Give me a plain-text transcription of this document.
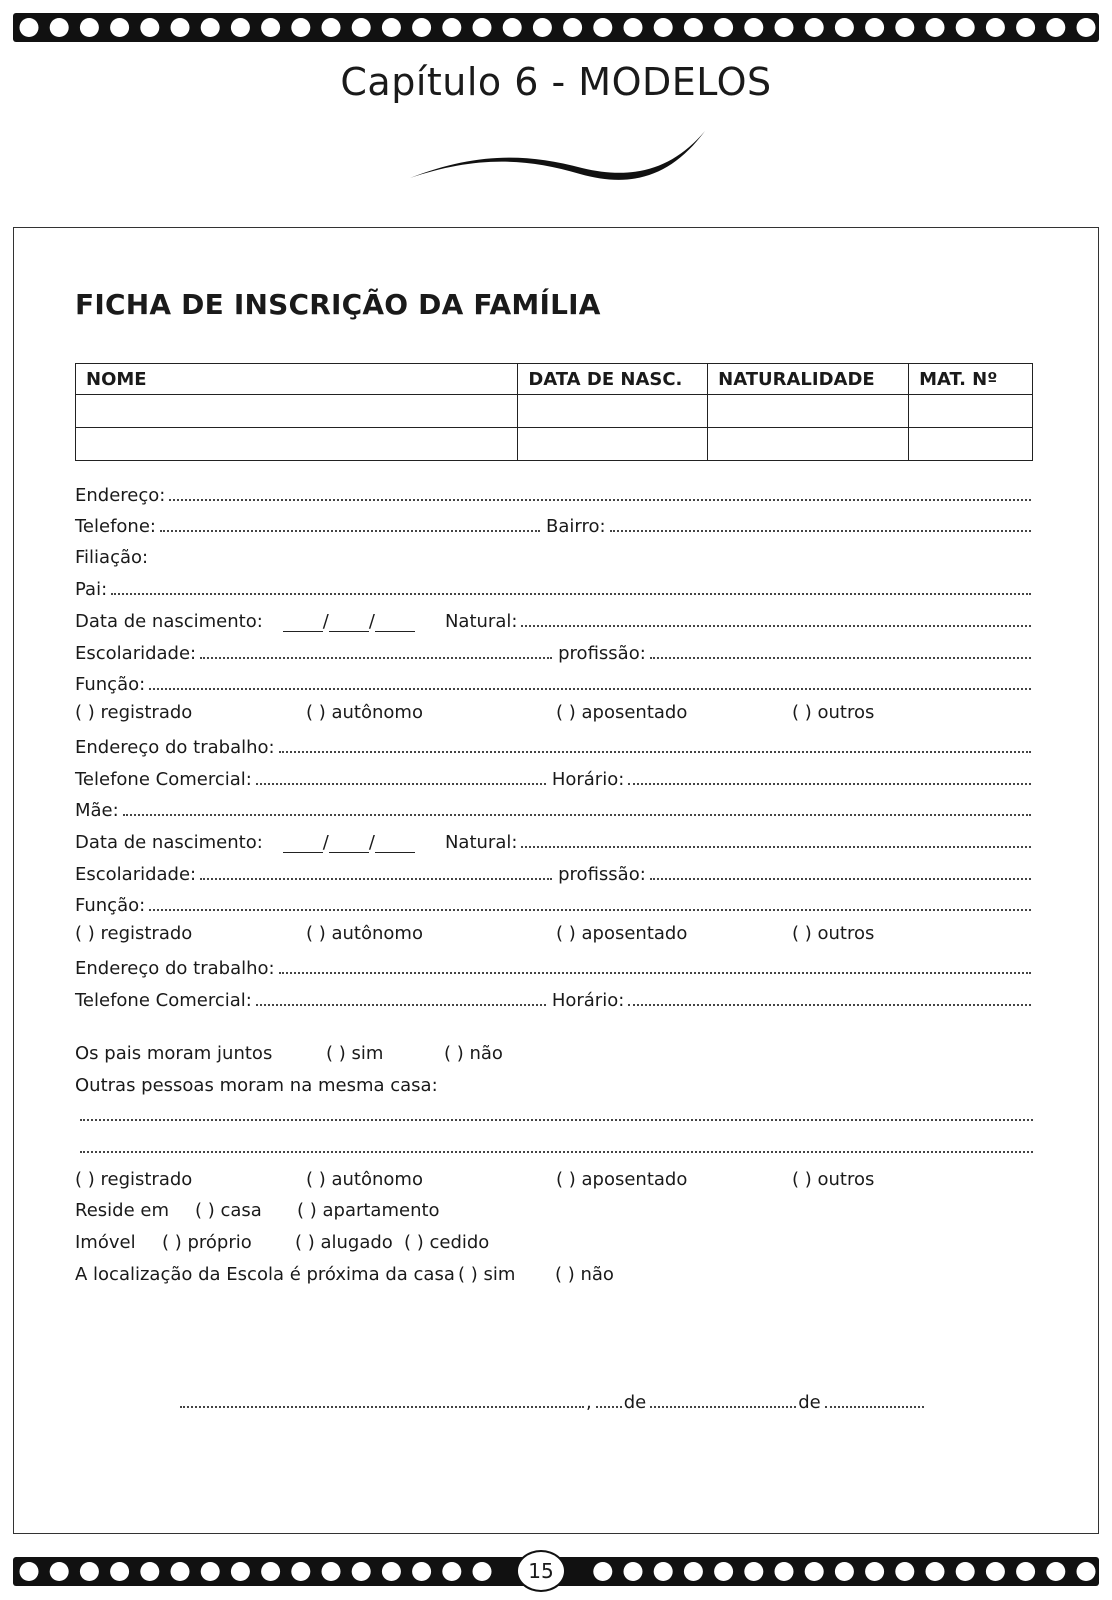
15
Capítulo 6 - MODELOS
FICHA DE INSCRIÇÃO DA FAMÍLIA
NOME	DATA DE NASC.	NATURALIDADE	MAT. Nº

Endereço:
Telefone:	Bairro:
Filiação:
Pai:
Data de nascimento:	/ /	Natural:
Escolaridade:	profissão:
Função:
( ) registrado	( ) autônomo	( ) aposentado	( ) outros
Endereço do trabalho:
Telefone Comercial:	Horário:
Mãe:
Data de nascimento:	/ /	Natural:
Escolaridade:	profissão:
Função:
( ) registrado	( ) autônomo	( ) aposentado	( ) outros
Endereço do trabalho:
Telefone Comercial:	Horário:
Os pais moram juntos	( ) sim	( ) não
Outras pessoas moram na mesma casa:
( ) registrado	( ) autônomo	( ) aposentado	( ) outros
Reside em ( ) casa ( ) apartamento
Imóvel ( ) próprio ( ) alugado ( ) cedido
A localização da Escola é próxima da casa ( ) sim ( ) não
, de	de
